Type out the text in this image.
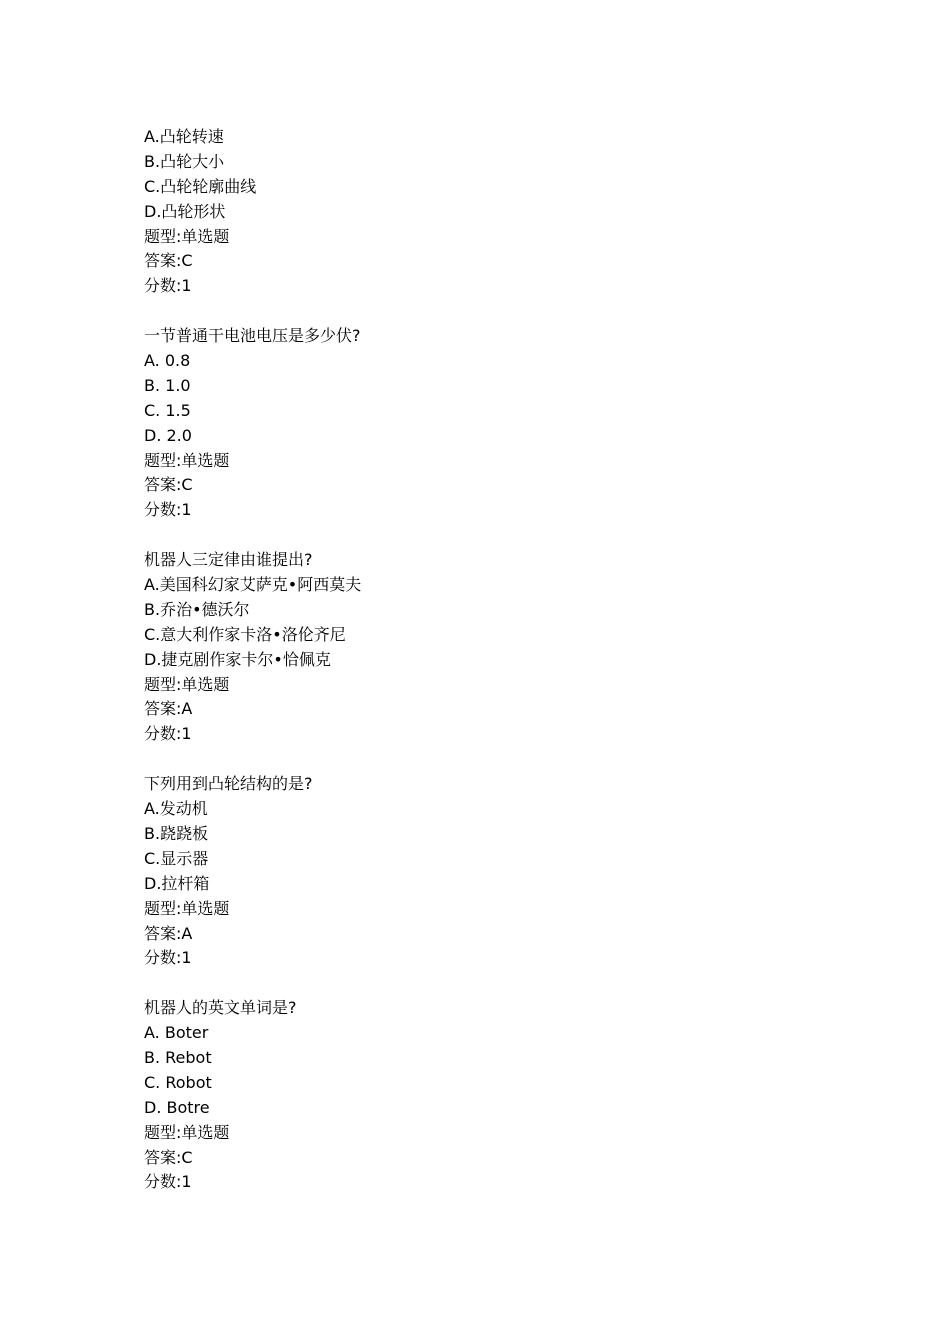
A.凸轮转速
B.凸轮大小
C.凸轮轮廓曲线
D.凸轮形状
题型:单选题
答案:C
分数:1
一节普通干电池电压是多少伏?
A. 0.8
B. 1.0
C. 1.5
D. 2.0
题型:单选题
答案:C
分数:1
机器人三定律由谁提出?
A.美国科幻家艾萨克•阿西莫夫
B.乔治•德沃尔
C.意大利作家卡洛•洛伦齐尼
D.捷克剧作家卡尔•恰佩克
题型:单选题
答案:A
分数:1
下列用到凸轮结构的是?
A.发动机
B.跷跷板
C.显示器
D.拉杆箱
题型:单选题
答案:A
分数:1
机器人的英文单词是?
A. Boter
B. Rebot
C. Robot
D. Botre
题型:单选题
答案:C
分数:1
